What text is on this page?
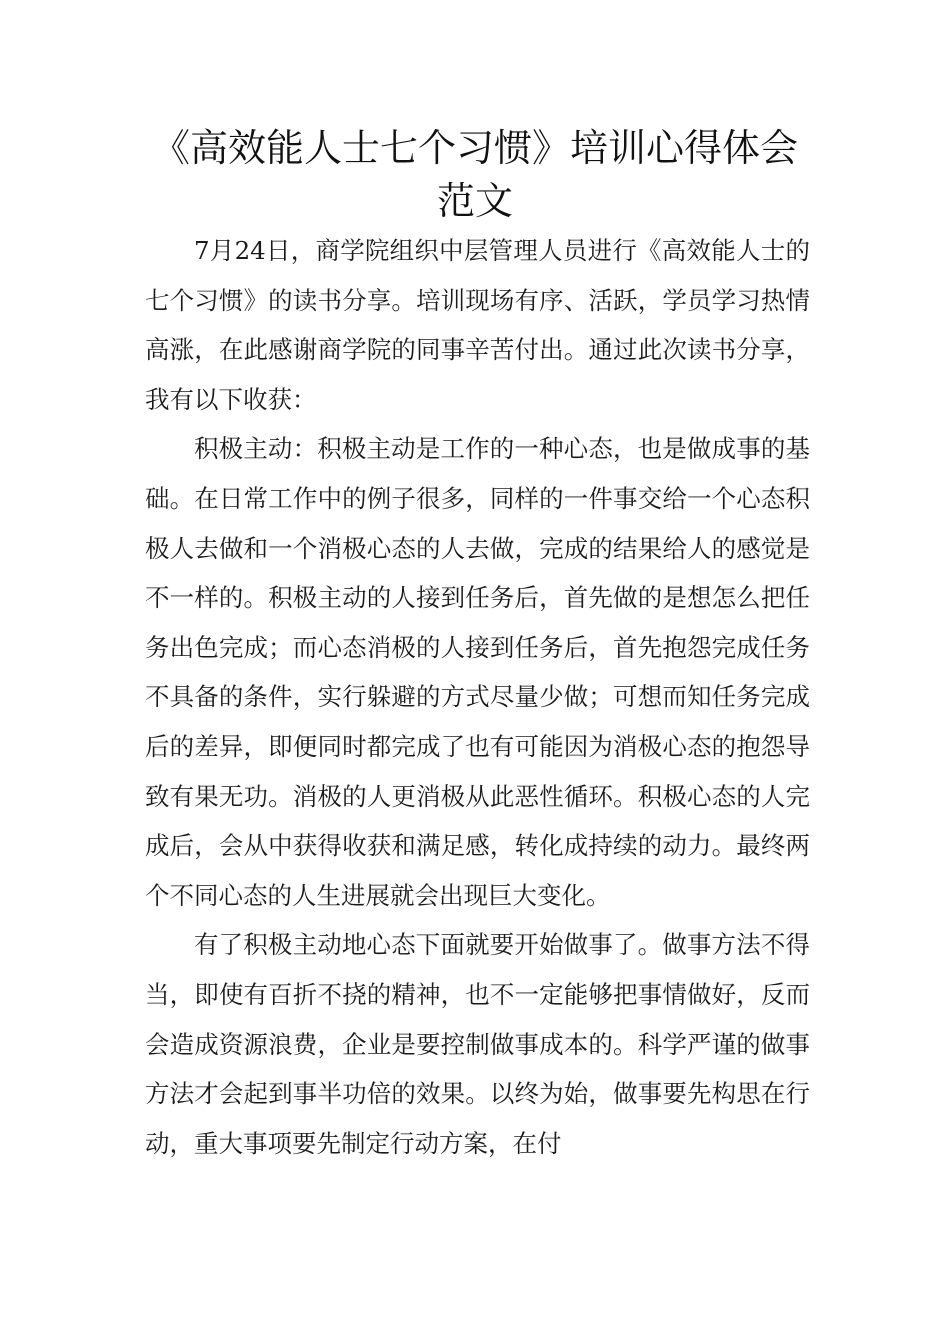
《高效能人士七个习惯》培训心得体会范文

7月24日，商学院组织中层管理人员进行《高效能人士的七个习惯》的读书分享。培训现场有序、活跃，学员学习热情高涨，在此感谢商学院的同事辛苦付出。通过此次读书分享，我有以下收获：

积极主动：积极主动是工作的一种心态，也是做成事的基础。在日常工作中的例子很多，同样的一件事交给一个心态积极人去做和一个消极心态的人去做，完成的结果给人的感觉是不一样的。积极主动的人接到任务后，首先做的是想怎么把任务出色完成；而心态消极的人接到任务后，首先抱怨完成任务不具备的条件，实行躲避的方式尽量少做；可想而知任务完成后的差异，即便同时都完成了也有可能因为消极心态的抱怨导致有果无功。消极的人更消极从此恶性循环。积极心态的人完成后，会从中获得收获和满足感，转化成持续的动力。最终两个不同心态的人生进展就会出现巨大变化。

有了积极主动地心态下面就要开始做事了。做事方法不得当，即使有百折不挠的精神，也不一定能够把事情做好，反而会造成资源浪费，企业是要控制做事成本的。科学严谨的做事方法才会起到事半功倍的效果。以终为始，做事要先构思在行动，重大事项要先制定行动方案，在付
